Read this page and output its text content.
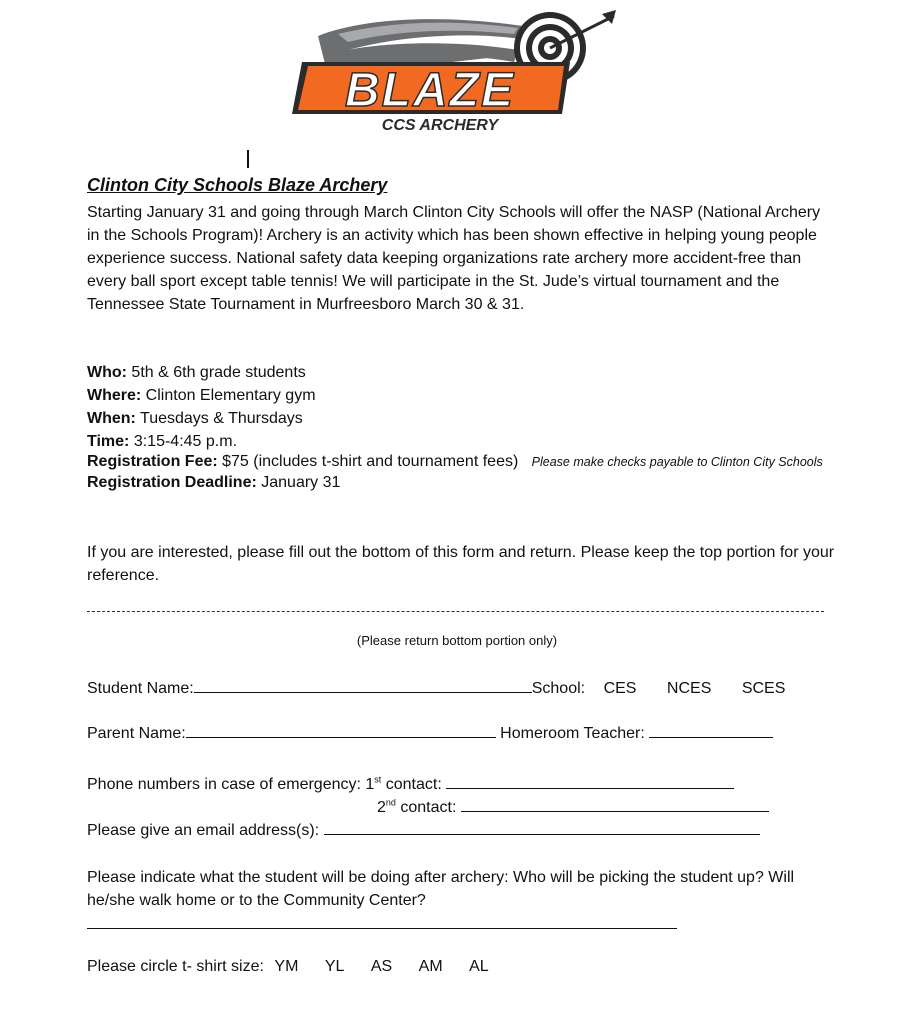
BLAZE
CCS ARCHERY
Clinton City Schools Blaze Archery

Starting January 31 and going through March Clinton City Schools will offer the NASP (National Archery in the Schools Program)! Archery is an activity which has been shown effective in helping young people experience success. National safety data keeping organizations rate archery more accident-free than every ball sport except table tennis! We will participate in the St. Jude’s virtual tournament and the Tennessee State Tournament in Murfreesboro March 30 & 31.

Who: 5th & 6th grade students

Where: Clinton Elementary gym

When: Tuesdays & Thursdays

Time: 3:15-4:45 p.m.

Registration Fee: $75 (includes t-shirt and tournament fees) Please make checks payable to Clinton City Schools

Registration Deadline: January 31

If you are interested, please fill out the bottom of this form and return. Please keep the top portion for your reference.

(Please return bottom portion only)

Student Name:	School: CES NCES SCES
Parent Name:	Homeroom Teacher:
Phone numbers in case of emergency: 1st contact:
2nd contact:
Please give an email address(s):

Please indicate what the student will be doing after archery: Who will be picking the student up? Will he/she walk home or to the Community Center?

Please circle t- shirt size: YM YL AS AM AL
